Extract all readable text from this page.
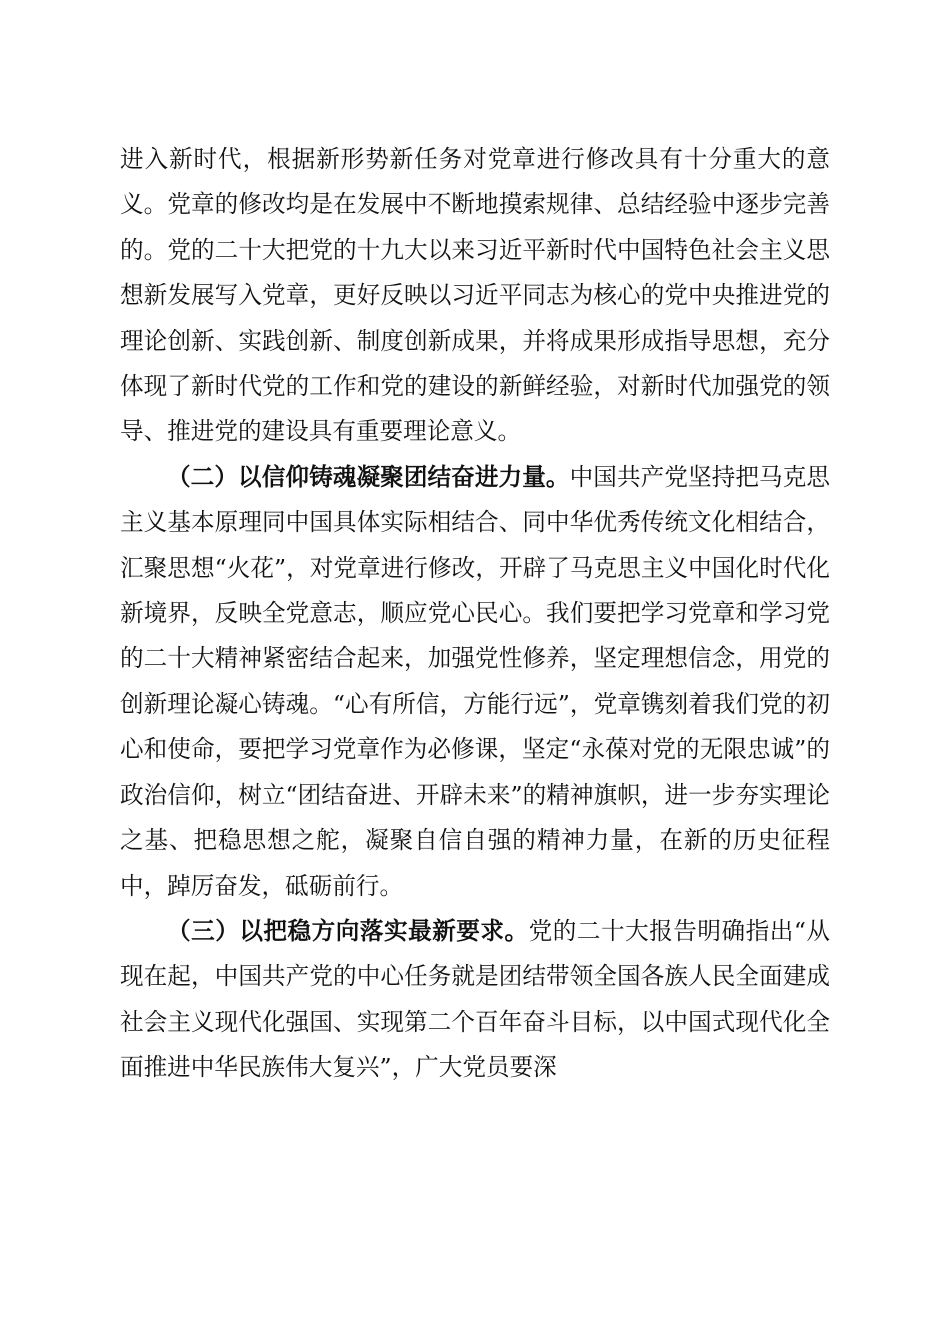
进入新时代，根据新形势新任务对党章进行修改具有十分重大的意义。党章的修改均是在发展中不断地摸索规律、总结经验中逐步完善的。党的二十大把党的十九大以来习近平新时代中国特色社会主义思想新发展写入党章，更好反映以习近平同志为核心的党中央推进党的理论创新、实践创新、制度创新成果，并将成果形成指导思想，充分体现了新时代党的工作和党的建设的新鲜经验，对新时代加强党的领导、推进党的建设具有重要理论意义。

（二）以信仰铸魂凝聚团结奋进力量。中国共产党坚持把马克思主义基本原理同中国具体实际相结合、同中华优秀传统文化相结合，汇聚思想“火花”，对党章进行修改，开辟了马克思主义中国化时代化新境界，反映全党意志，顺应党心民心。我们要把学习党章和学习党的二十大精神紧密结合起来，加强党性修养，坚定理想信念，用党的创新理论凝心铸魂。“心有所信，方能行远”，党章镌刻着我们党的初心和使命，要把学习党章作为必修课，坚定“永葆对党的无限忠诚”的政治信仰，树立“团结奋进、开辟未来”的精神旗帜，进一步夯实理论之基、把稳思想之舵，凝聚自信自强的精神力量，在新的历史征程中，踔厉奋发，砥砺前行。

（三）以把稳方向落实最新要求。党的二十大报告明确指出“从现在起，中国共产党的中心任务就是团结带领全国各族人民全面建成社会主义现代化强国、实现第二个百年奋斗目标，以中国式现代化全面推进中华民族伟大复兴”，广大党员要深
